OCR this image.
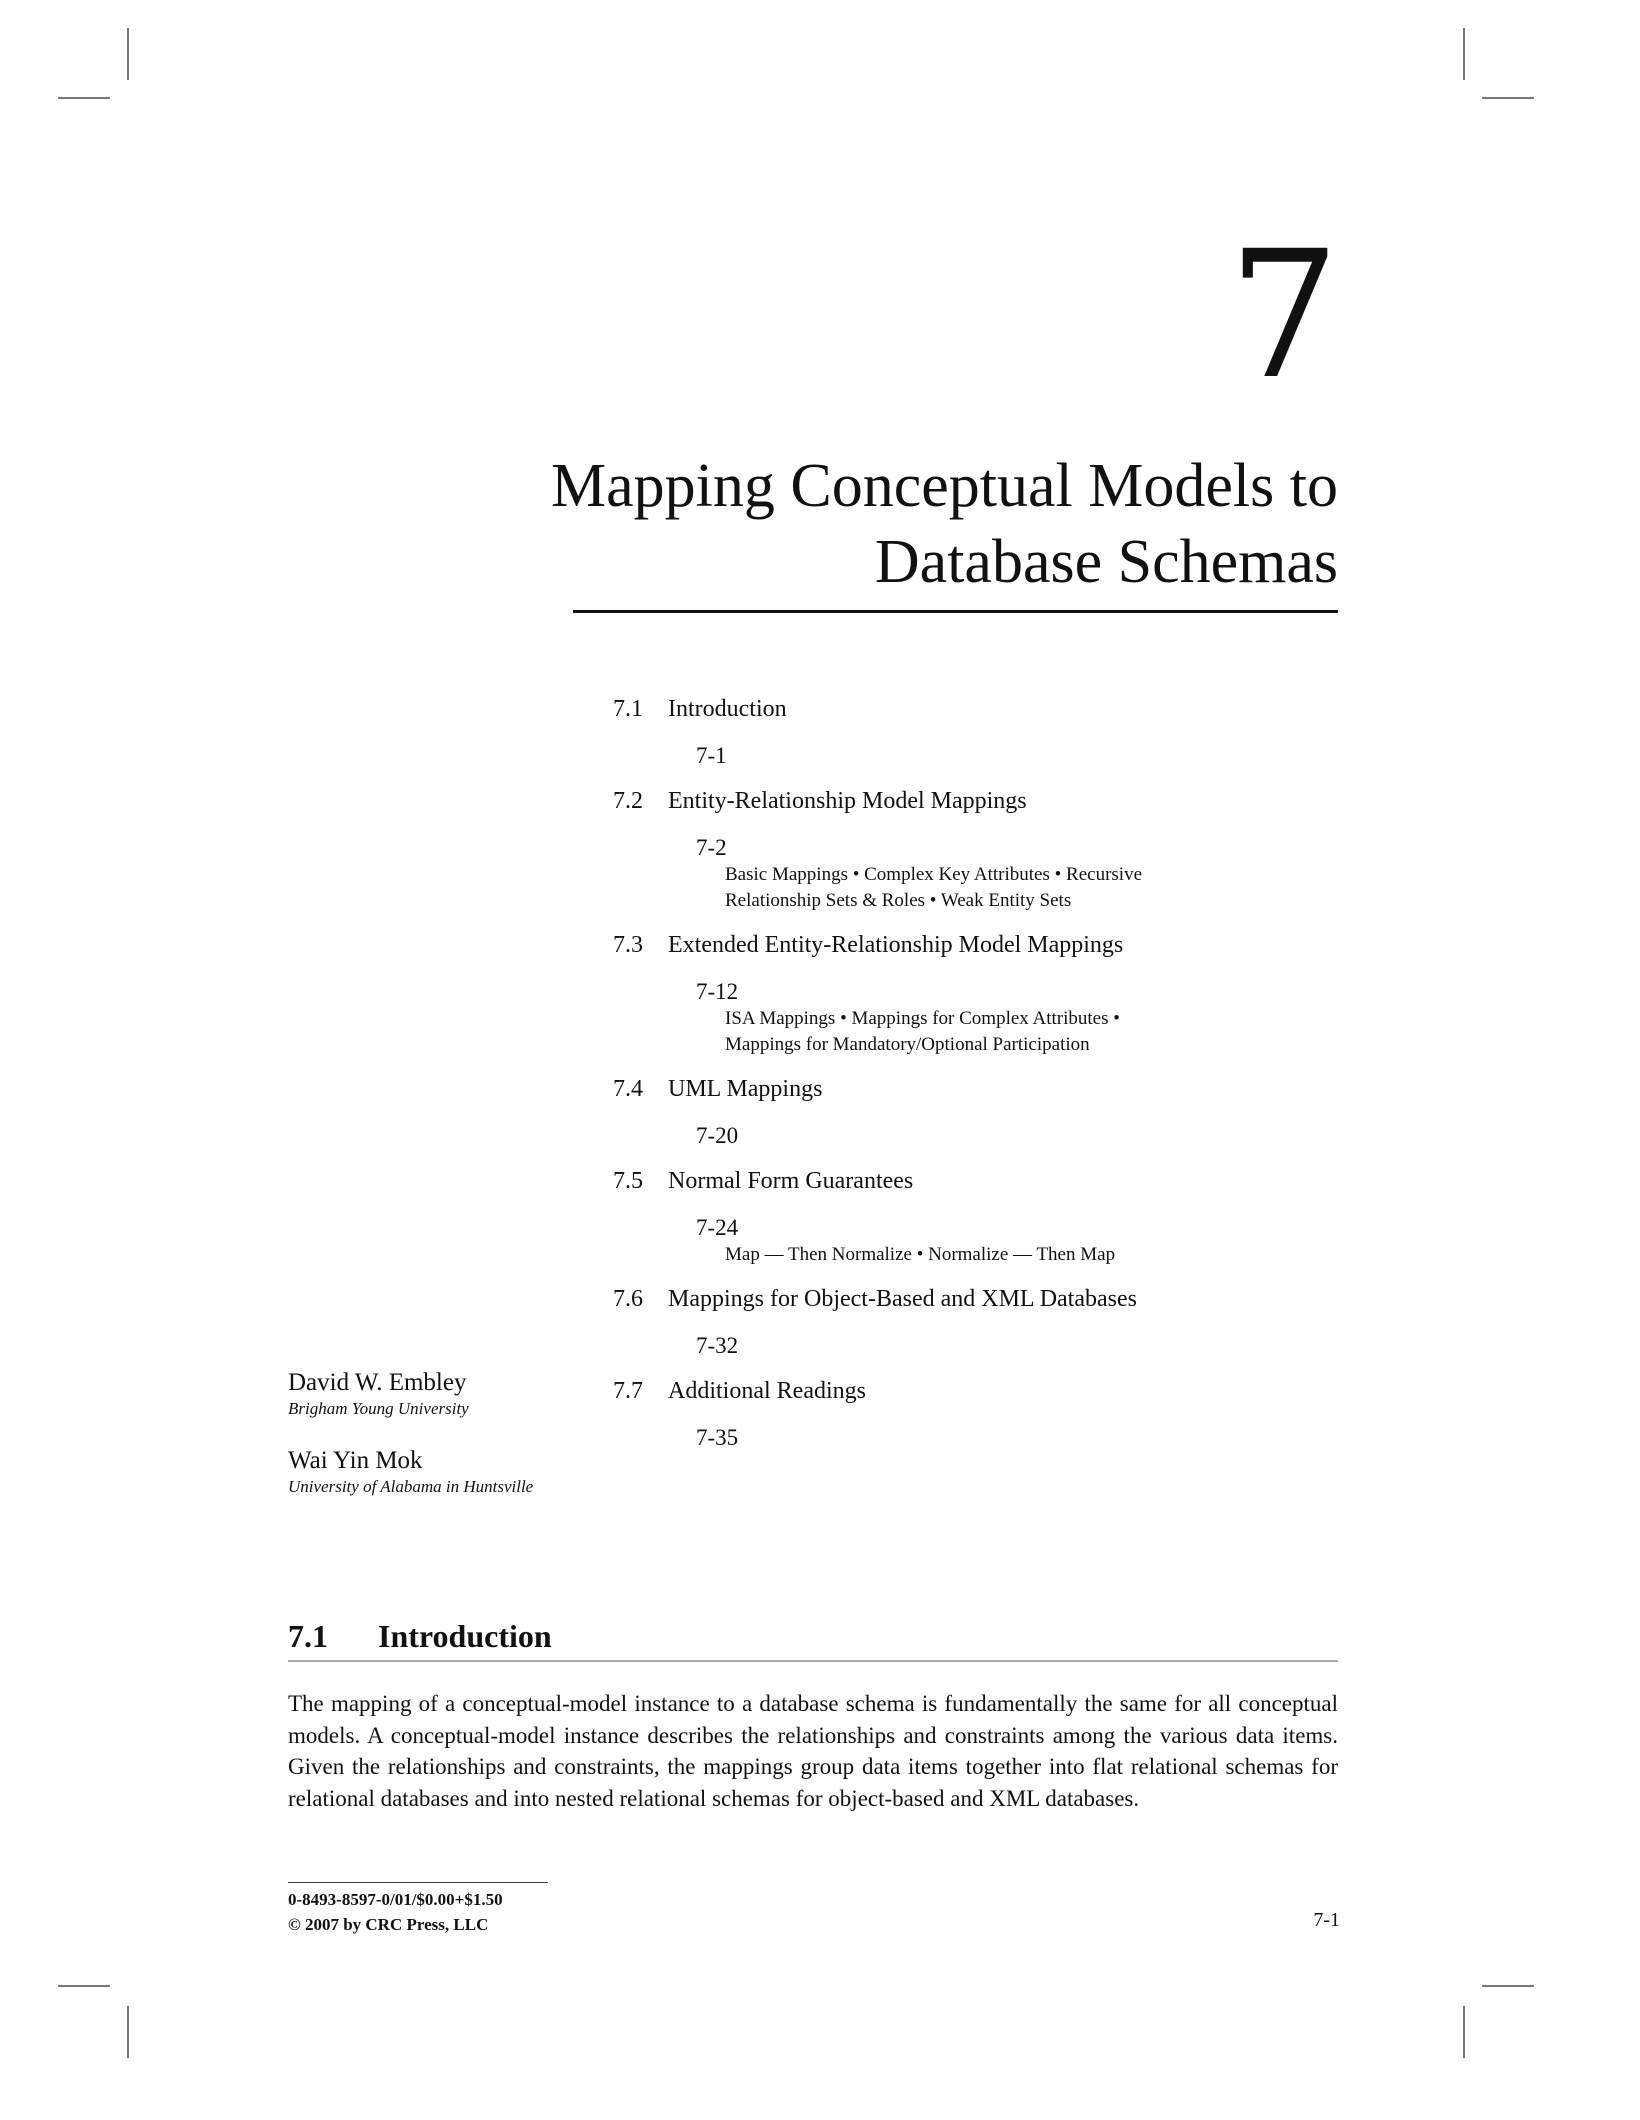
7
Mapping Conceptual Models to
Database Schemas
7.1 Introduction
7-1
7.2 Entity-Relationship Model Mappings
7-2
Basic Mappings • Complex Key Attributes • Recursive
Relationship Sets & Roles • Weak Entity Sets
7.3 Extended Entity-Relationship Model Mappings
7-12
ISA Mappings • Mappings for Complex Attributes •
Mappings for Mandatory/Optional Participation
7.4 UML Mappings
7-20
7.5 Normal Form Guarantees
7-24
Map — Then Normalize • Normalize — Then Map
7.6 Mappings for Object-Based and XML Databases
7-32
7.7 Additional Readings
7-35
David W. Embley
Brigham Young University
Wai Yin Mok
University of Alabama in Huntsville
7.1 Introduction

The mapping of a conceptual-model instance to a database schema is fundamentally the same for all conceptual models. A conceptual-model instance describes the relationships and constraints among the various data items. Given the relationships and constraints, the mappings group data items together into flat relational schemas for relational databases and into nested relational schemas for object-based and XML databases.

0-8493-8597-0/01/$0.00+$1.50
© 2007 by CRC Press, LLC	7-1
